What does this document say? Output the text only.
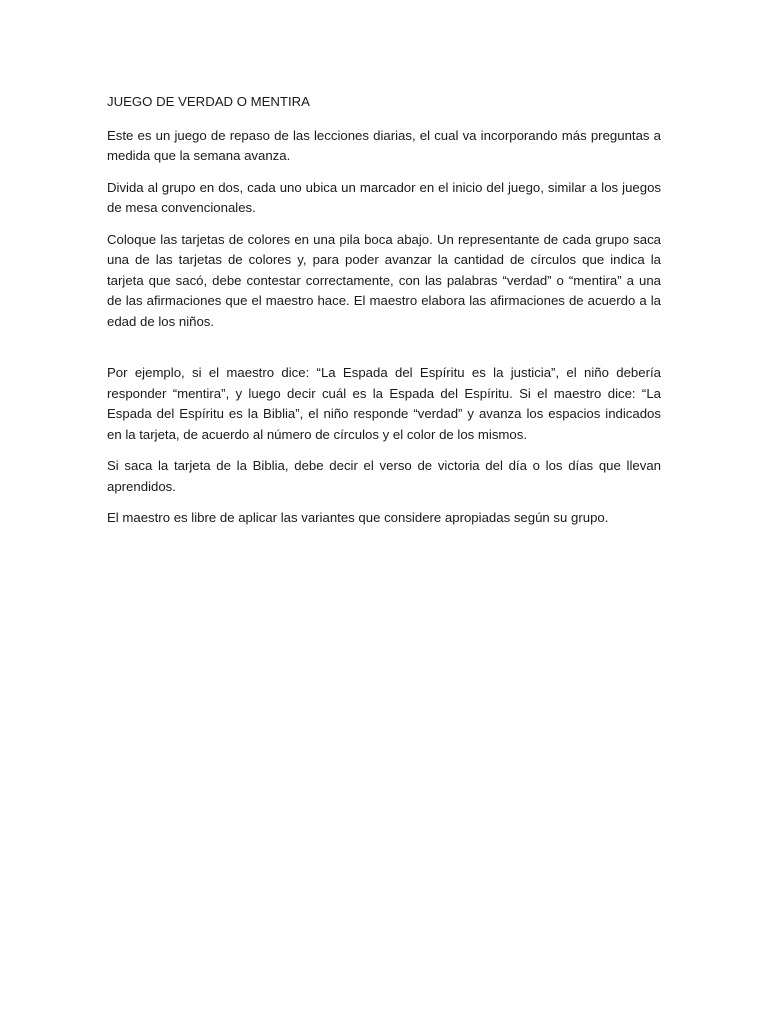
JUEGO DE VERDAD O MENTIRA

Este es un juego de repaso de las lecciones diarias, el cual va incorporando más preguntas a medida que la semana avanza.

Divida al grupo en dos, cada uno ubica un marcador en el inicio del juego, similar a los juegos de mesa convencionales.

Coloque las tarjetas de colores en una pila boca abajo. Un representante de cada grupo saca una de las tarjetas de colores y, para poder avanzar la cantidad de círculos que indica la tarjeta que sacó, debe contestar correctamente, con las palabras “verdad” o “mentira” a una de las afirmaciones que el maestro hace. El maestro elabora las afirmaciones de acuerdo a la edad de los niños.

Por ejemplo, si el maestro dice: “La Espada del Espíritu es la justicia”, el niño debería responder “mentira”, y luego decir cuál es la Espada del Espíritu. Si el maestro dice: “La Espada del Espíritu es la Biblia”, el niño responde “verdad” y avanza los espacios indicados en la tarjeta, de acuerdo al número de círculos y el color de los mismos.

Si saca la tarjeta de la Biblia, debe decir el verso de victoria del día o los días que llevan aprendidos.

El maestro es libre de aplicar las variantes que considere apropiadas según su grupo.
